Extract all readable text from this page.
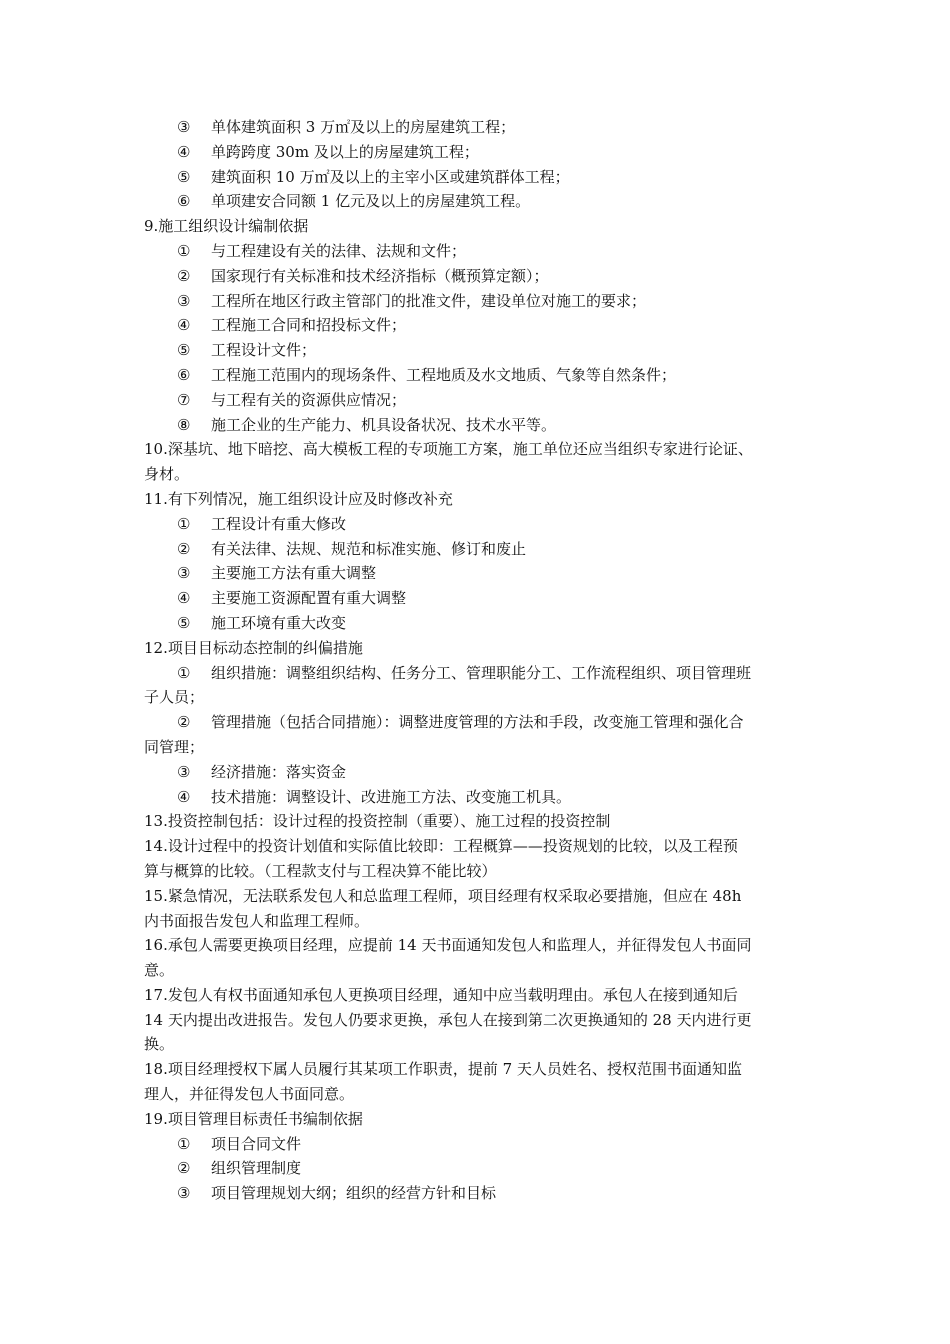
③ 单体建筑面积 3 万㎡及以上的房屋建筑工程；
④ 单跨跨度 30m 及以上的房屋建筑工程；
⑤ 建筑面积 10 万㎡及以上的主宰小区或建筑群体工程；
⑥ 单项建安合同额 1 亿元及以上的房屋建筑工程。
9.施工组织设计编制依据
① 与工程建设有关的法律、法规和文件；
② 国家现行有关标准和技术经济指标（概预算定额）；
③ 工程所在地区行政主管部门的批准文件，建设单位对施工的要求；
④ 工程施工合同和招投标文件；
⑤ 工程设计文件；
⑥ 工程施工范围内的现场条件、工程地质及水文地质、气象等自然条件；
⑦ 与工程有关的资源供应情况；
⑧ 施工企业的生产能力、机具设备状况、技术水平等。
10.深基坑、地下暗挖、高大模板工程的专项施工方案，施工单位还应当组织专家进行论证、
身材。
11.有下列情况，施工组织设计应及时修改补充
① 工程设计有重大修改
② 有关法律、法规、规范和标准实施、修订和废止
③ 主要施工方法有重大调整
④ 主要施工资源配置有重大调整
⑤ 施工环境有重大改变
12.项目目标动态控制的纠偏措施
① 组织措施：调整组织结构、任务分工、管理职能分工、工作流程组织、项目管理班
子人员；
② 管理措施（包括合同措施）：调整进度管理的方法和手段，改变施工管理和强化合
同管理；
③ 经济措施：落实资金
④ 技术措施：调整设计、改进施工方法、改变施工机具。
13.投资控制包括：设计过程的投资控制（重要）、施工过程的投资控制
14.设计过程中的投资计划值和实际值比较即：工程概算——投资规划的比较，以及工程预
算与概算的比较。（工程款支付与工程决算不能比较）
15.紧急情况，无法联系发包人和总监理工程师，项目经理有权采取必要措施，但应在 48h
内书面报告发包人和监理工程师。
16.承包人需要更换项目经理，应提前 14 天书面通知发包人和监理人，并征得发包人书面同
意。
17.发包人有权书面通知承包人更换项目经理，通知中应当载明理由。承包人在接到通知后
14 天内提出改进报告。发包人仍要求更换，承包人在接到第二次更换通知的 28 天内进行更
换。
18.项目经理授权下属人员履行其某项工作职责，提前 7 天人员姓名、授权范围书面通知监
理人，并征得发包人书面同意。
19.项目管理目标责任书编制依据
① 项目合同文件
② 组织管理制度
③ 项目管理规划大纲；组织的经营方针和目标
